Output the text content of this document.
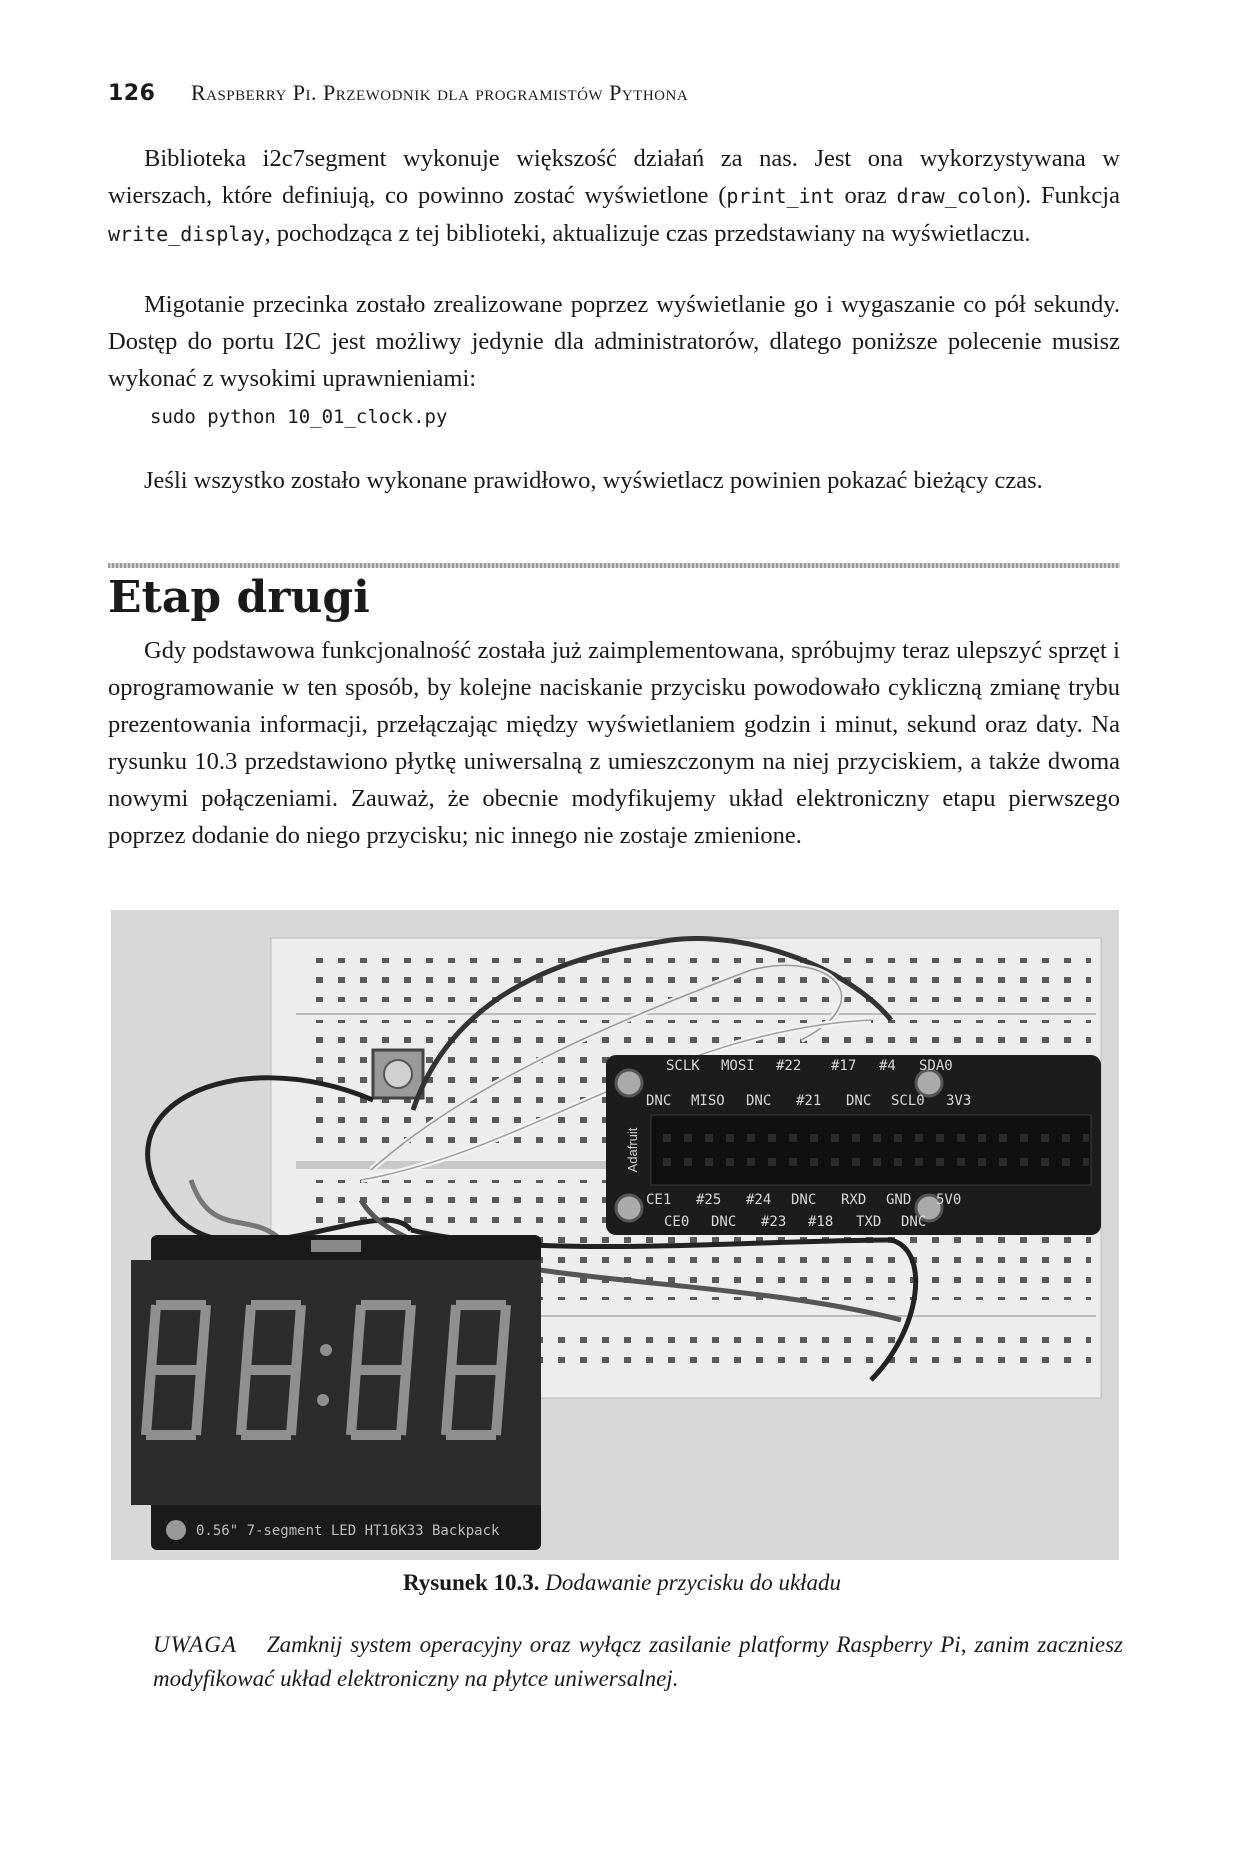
126 Raspberry Pi. Przewodnik dla programistów Pythona

Biblioteka i2c7segment wykonuje większość działań za nas. Jest ona wykorzystywana w wierszach, które definiują, co powinno zostać wyświetlone (print_int oraz draw_colon). Funkcja write_display, pochodząca z tej biblioteki, aktualizuje czas przedstawiany na wyświetlaczu.

Migotanie przecinka zostało zrealizowane poprzez wyświetlanie go i wygaszanie co pół sekundy. Dostęp do portu I2C jest możliwy jedynie dla administratorów, dlatego poniższe polecenie musisz wykonać z wysokimi uprawnieniami:

sudo python 10_01_clock.py

Jeśli wszystko zostało wykonane prawidłowo, wyświetlacz powinien pokazać bieżący czas.

Etap drugi

Gdy podstawowa funkcjonalność została już zaimplementowana, spróbujmy teraz ulepszyć sprzęt i oprogramowanie w ten sposób, by kolejne naciskanie przycisku powodowało cykliczną zmianę trybu prezentowania informacji, przełączając między wyświetlaniem godzin i minut, sekund oraz daty. Na rysunku 10.3 przedstawiono płytkę uniwersalną z umieszczonym na niej przyciskiem, a także dwoma nowymi połączeniami. Zauważ, że obecnie modyfikujemy układ elektroniczny etapu pierwszego poprzez dodanie do niego przycisku; nic innego nie zostaje zmienione.

Adafruit
SCLK MOSI #22 #17 #4 SDA0
DNC MISO DNC #21 DNC SCL0 3V3
CE1 #25 #24 DNC RXD GND 5V0
CE0 DNC #23 #18 TXD DNC
0.56" 7-segment LED HT16K33 Backpack
Rysunek 10.3. Dodawanie przycisku do układu
UWAGA Zamknij system operacyjny oraz wyłącz zasilanie platformy Raspberry Pi, zanim zaczniesz modyfikować układ elektroniczny na płytce uniwersalnej.
